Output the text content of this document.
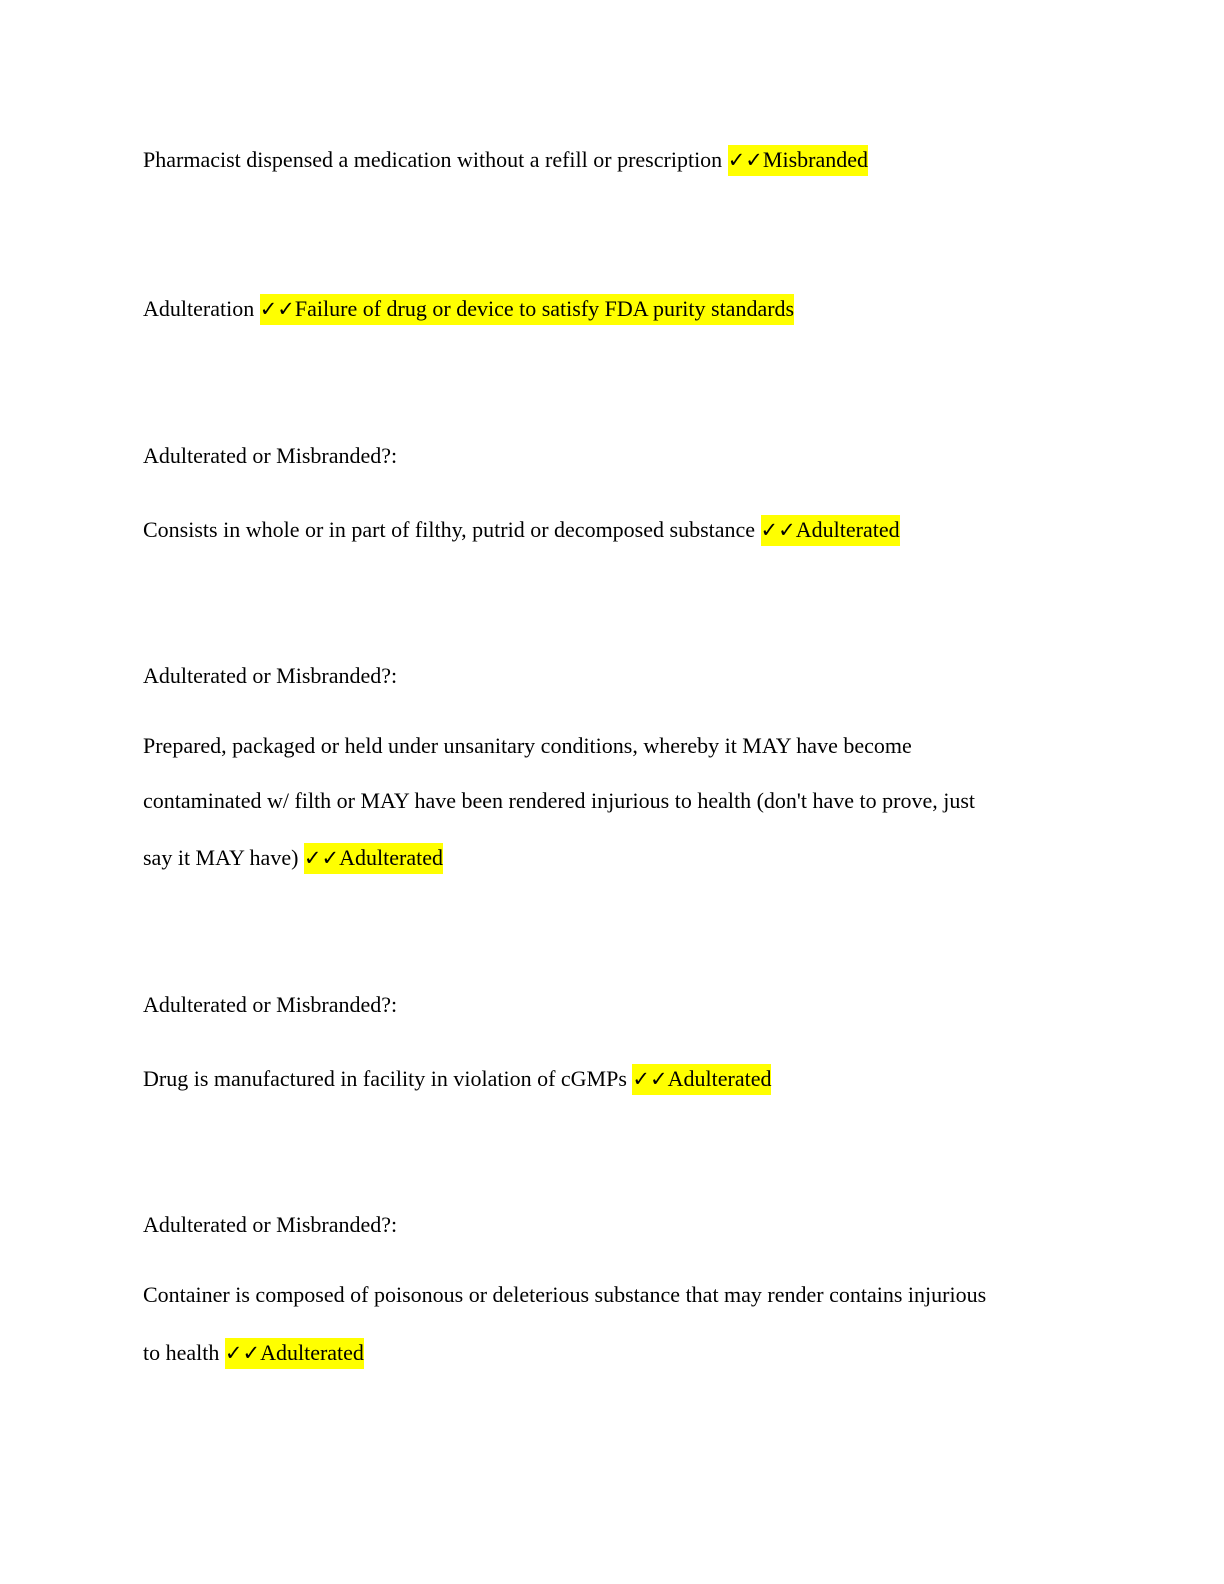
Pharmacist dispensed a medication without a refill or prescription ✓✓Misbranded
Adulteration ✓✓Failure of drug or device to satisfy FDA purity standards
Adulterated or Misbranded?:
Consists in whole or in part of filthy, putrid or decomposed substance ✓✓Adulterated
Adulterated or Misbranded?:
Prepared, packaged or held under unsanitary conditions, whereby it MAY have become
contaminated w/ filth or MAY have been rendered injurious to health (don't have to prove, just
say it MAY have) ✓✓Adulterated
Adulterated or Misbranded?:
Drug is manufactured in facility in violation of cGMPs ✓✓Adulterated
Adulterated or Misbranded?:
Container is composed of poisonous or deleterious substance that may render contains injurious
to health ✓✓Adulterated
